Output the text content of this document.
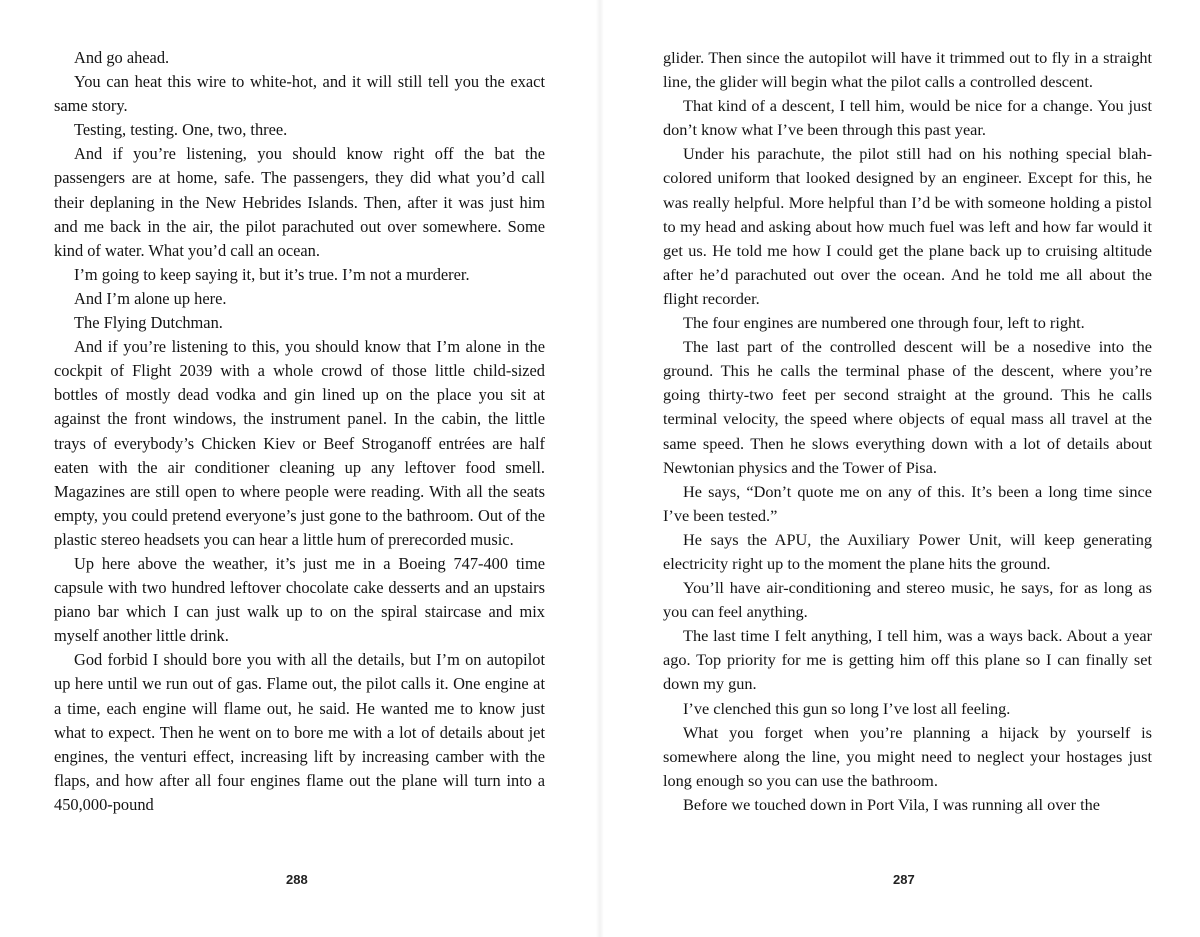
And go ahead.

You can heat this wire to white-hot, and it will still tell you the exact same story.

Testing, testing. One, two, three.

And if you’re listening, you should know right off the bat the passengers are at home, safe. The passengers, they did what you’d call their deplaning in the New Hebrides Islands. Then, after it was just him and me back in the air, the pilot parachuted out over somewhere. Some kind of water. What you’d call an ocean.

I’m going to keep saying it, but it’s true. I’m not a murderer.

And I’m alone up here.

The Flying Dutchman.

And if you’re listening to this, you should know that I’m alone in the cockpit of Flight 2039 with a whole crowd of those little child-sized bottles of mostly dead vodka and gin lined up on the place you sit at against the front windows, the instrument panel. In the cabin, the little trays of everybody’s Chicken Kiev or Beef Stroganoff entrées are half eaten with the air conditioner cleaning up any leftover food smell. Magazines are still open to where people were reading. With all the seats empty, you could pretend everyone’s just gone to the bathroom. Out of the plastic stereo headsets you can hear a little hum of prerecorded music.

Up here above the weather, it’s just me in a Boeing 747-400 time capsule with two hundred leftover chocolate cake desserts and an upstairs piano bar which I can just walk up to on the spiral staircase and mix myself another little drink.

God forbid I should bore you with all the details, but I’m on autopilot up here until we run out of gas. Flame out, the pilot calls it. One engine at a time, each engine will flame out, he said. He wanted me to know just what to expect. Then he went on to bore me with a lot of details about jet engines, the venturi effect, increasing lift by increasing camber with the flaps, and how after all four engines flame out the plane will turn into a 450,000-pound

288

glider. Then since the autopilot will have it trimmed out to fly in a straight line, the glider will begin what the pilot calls a controlled descent.

That kind of a descent, I tell him, would be nice for a change. You just don’t know what I’ve been through this past year.

Under his parachute, the pilot still had on his nothing special blah-colored uniform that looked designed by an engineer. Except for this, he was really helpful. More helpful than I’d be with someone holding a pistol to my head and asking about how much fuel was left and how far would it get us. He told me how I could get the plane back up to cruising altitude after he’d parachuted out over the ocean. And he told me all about the flight recorder.

The four engines are numbered one through four, left to right.

The last part of the controlled descent will be a nosedive into the ground. This he calls the terminal phase of the descent, where you’re going thirty-two feet per second straight at the ground. This he calls terminal velocity, the speed where objects of equal mass all travel at the same speed. Then he slows everything down with a lot of details about Newtonian physics and the Tower of Pisa.

He says, “Don’t quote me on any of this. It’s been a long time since I’ve been tested.”

He says the APU, the Auxiliary Power Unit, will keep generating electricity right up to the moment the plane hits the ground.

You’ll have air-conditioning and stereo music, he says, for as long as you can feel anything.

The last time I felt anything, I tell him, was a ways back. About a year ago. Top priority for me is getting him off this plane so I can finally set down my gun.

I’ve clenched this gun so long I’ve lost all feeling.

What you forget when you’re planning a hijack by yourself is somewhere along the line, you might need to neglect your hostages just long enough so you can use the bathroom.

Before we touched down in Port Vila, I was running all over the

287
